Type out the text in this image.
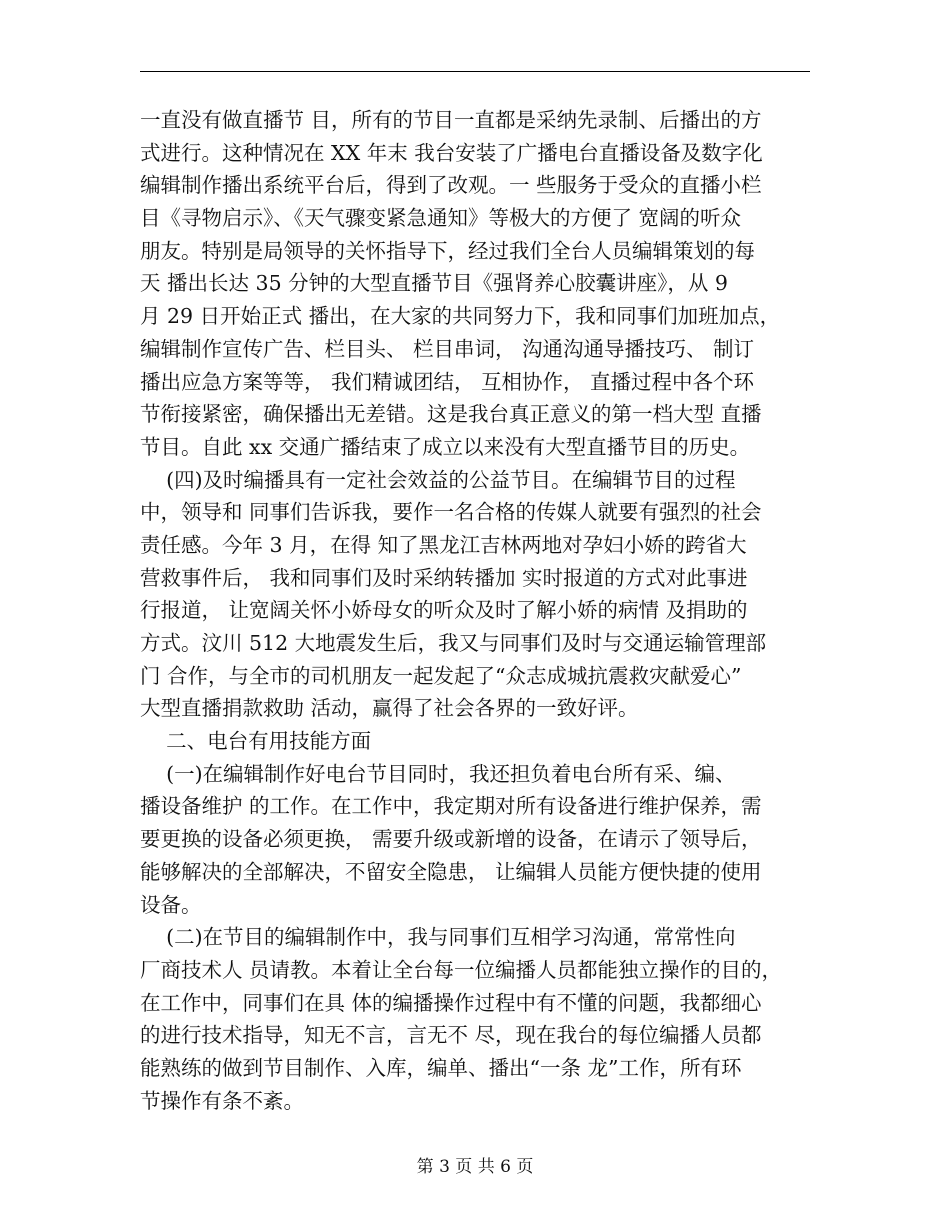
一直没有做直播节 目，所有的节目一直都是采纳先录制、后播出的方
式进行。这种情况在 XX 年末 我台安装了广播电台直播设备及数字化
编辑制作播出系统平台后，得到了改观。一 些服务于受众的直播小栏
目《寻物启示》、《天气骤变紧急通知》等极大的方便了 宽阔的听众
朋友。特别是局领导的关怀指导下，经过我们全台人员编辑策划的每
天 播出长达 35 分钟的大型直播节目《强肾养心胶囊讲座》，从 9
月 29 日开始正式 播出，在大家的共同努力下，我和同事们加班加点，
编辑制作宣传广告、栏目头、 栏目串词， 沟通沟通导播技巧、 制订
播出应急方案等等， 我们精诚团结， 互相协作， 直播过程中各个环
节衔接紧密，确保播出无差错。这是我台真正意义的第一档大型 直播
节目。自此 xx 交通广播结束了成立以来没有大型直播节目的历史。
(四)及时编播具有一定社会效益的公益节目。在编辑节目的过程
中，领导和 同事们告诉我，要作一名合格的传媒人就要有强烈的社会
责任感。今年 3 月，在得 知了黑龙江吉林两地对孕妇小娇的跨省大
营救事件后， 我和同事们及时采纳转播加 实时报道的方式对此事进
行报道， 让宽阔关怀小娇母女的听众及时了解小娇的病情 及捐助的
方式。汶川 512 大地震发生后，我又与同事们及时与交通运输管理部
门 合作，与全市的司机朋友一起发起了“众志成城抗震救灾献爱心”
大型直播捐款救助 活动，赢得了社会各界的一致好评。
二、电台有用技能方面
(一)在编辑制作好电台节目同时，我还担负着电台所有采、编、
播设备维护 的工作。在工作中，我定期对所有设备进行维护保养，需
要更换的设备必须更换， 需要升级或新增的设备，在请示了领导后，
能够解决的全部解决，不留安全隐患， 让编辑人员能方便快捷的使用
设备。
(二)在节目的编辑制作中，我与同事们互相学习沟通，常常性向
厂商技术人 员请教。本着让全台每一位编播人员都能独立操作的目的，
在工作中，同事们在具 体的编播操作过程中有不懂的问题，我都细心
的进行技术指导，知无不言，言无不 尽，现在我台的每位编播人员都
能熟练的做到节目制作、入库，编单、播出“一条 龙”工作，所有环
节操作有条不紊。
第 3 页 共 6 页
